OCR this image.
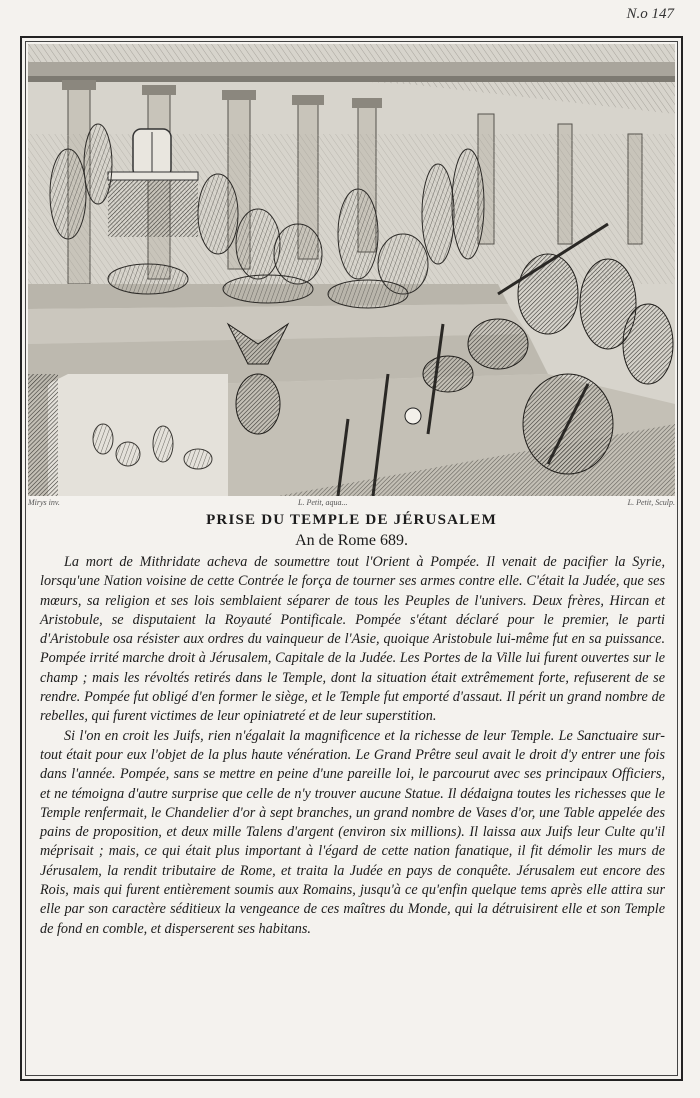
N.o 147
Mirys inv.	L. Petit, aqua...	L. Petit, Sculp.
PRISE DU TEMPLE DE JÉRUSALEM
An de Rome 689.

La mort de Mithridate acheva de soumettre tout l'Orient à Pompée. Il venait de pacifier la Syrie, lorsqu'une Nation voisine de cette Contrée le força de tourner ses armes contre elle. C'était la Judée, que ses mœurs, sa religion et ses lois semblaient séparer de tous les Peuples de l'univers. Deux frères, Hircan et Aristobule, se disputaient la Royauté Pontificale. Pompée s'étant déclaré pour le premier, le parti d'Aristobule osa résister aux ordres du vainqueur de l'Asie, quoique Aristobule lui-même fut en sa puissance. Pompée irrité marche droit à Jérusalem, Capitale de la Judée. Les Portes de la Ville lui furent ouvertes sur le champ ; mais les révoltés retirés dans le Temple, dont la situation était extrêmement forte, refuserent de se rendre. Pompée fut obligé d'en former le siège, et le Temple fut emporté d'assaut. Il périt un grand nombre de rebelles, qui furent victimes de leur opiniatreté et de leur superstition.

Si l'on en croit les Juifs, rien n'égalait la magnificence et la richesse de leur Temple. Le Sanctuaire sur-tout était pour eux l'objet de la plus haute vénération. Le Grand Prêtre seul avait le droit d'y entrer une fois dans l'année. Pompée, sans se mettre en peine d'une pareille loi, le parcourut avec ses principaux Officiers, et ne témoigna d'autre surprise que celle de n'y trouver aucune Statue. Il dédaigna toutes les richesses que le Temple renfermait, le Chandelier d'or à sept branches, un grand nombre de Vases d'or, une Table appelée des pains de proposition, et deux mille Talens d'argent (environ six millions). Il laissa aux Juifs leur Culte qu'il méprisait ; mais, ce qui était plus important à l'égard de cette nation fanatique, il fit démolir les murs de Jérusalem, la rendit tributaire de Rome, et traita la Judée en pays de conquête. Jérusalem eut encore des Rois, mais qui furent entièrement soumis aux Romains, jusqu'à ce qu'enfin quelque tems après elle attira sur elle par son caractère séditieux la vengeance de ces maîtres du Monde, qui la détruisirent elle et son Temple de fond en comble, et disperserent ses habitans.
